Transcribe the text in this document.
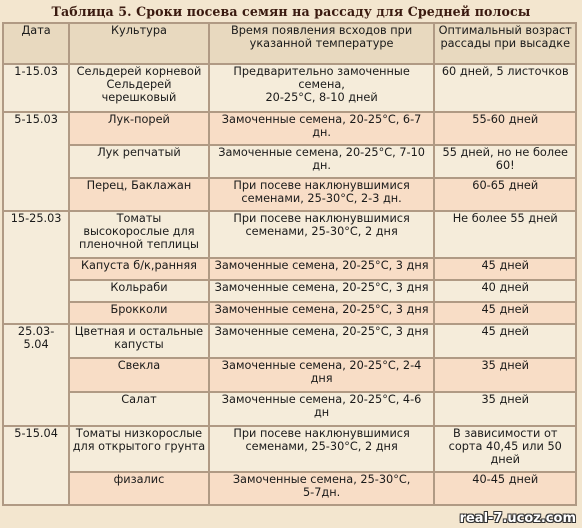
Таблица 5. Сроки посева семян на рассаду для Средней полосы
Дата	Культура	Время появления всходов при
указанной температуре	Оптимальный возраст
рассады при высадке
1-15.03	Сельдерей корневой
Сельдерей
черешковый	Предварительно замоченные
семена,
20-25°С, 8-10 дней	60 дней, 5 листочков
5-15.03	Лук-порей	Замоченные семена, 20-25°С, 6-7
дн.	55-60 дней
	Лук репчатый	Замоченные семена, 20-25°С, 7-10
дн.	55 дней, но не более
60!
	Перец, Баклажан	При посеве наклюнувшимися
семенами, 25-30°С, 2-3 дн.	60-65 дней
15-25.03	Томаты
высокорослые для
пленочной теплицы	При посеве наклюнувшимися
семенами, 25-30°С, 2 дня	Не более 55 дней
	Капуста б/к,ранняя	Замоченные семена, 20-25°С, 3 дня	45 дней
	Кольраби	Замоченные семена, 20-25°С, 3 дня	40 дней
	Брокколи	Замоченные семена, 20-25°С, 3 дня	45 дней
25.03-5.04	Цветная и остальные
капусты	Замоченные семена, 20-25°С, 3 дня	45 дней
	Свекла	Замоченные семена, 20-25°С, 2-4
дня	35 дней
	Салат	Замоченные семена, 20-25°С, 4-6
дн	35 дней
5-15.04	Томаты низкорослые
для открытого грунта	При посеве наклюнувшимися
семенами, 25-30°С, 2 дня	В зависимости от
сорта 40,45 или 50
дней
	физалис	Замоченные семена, 25-30°С,
5-7дн.	40-45 дней
real-7.ucoz.com
